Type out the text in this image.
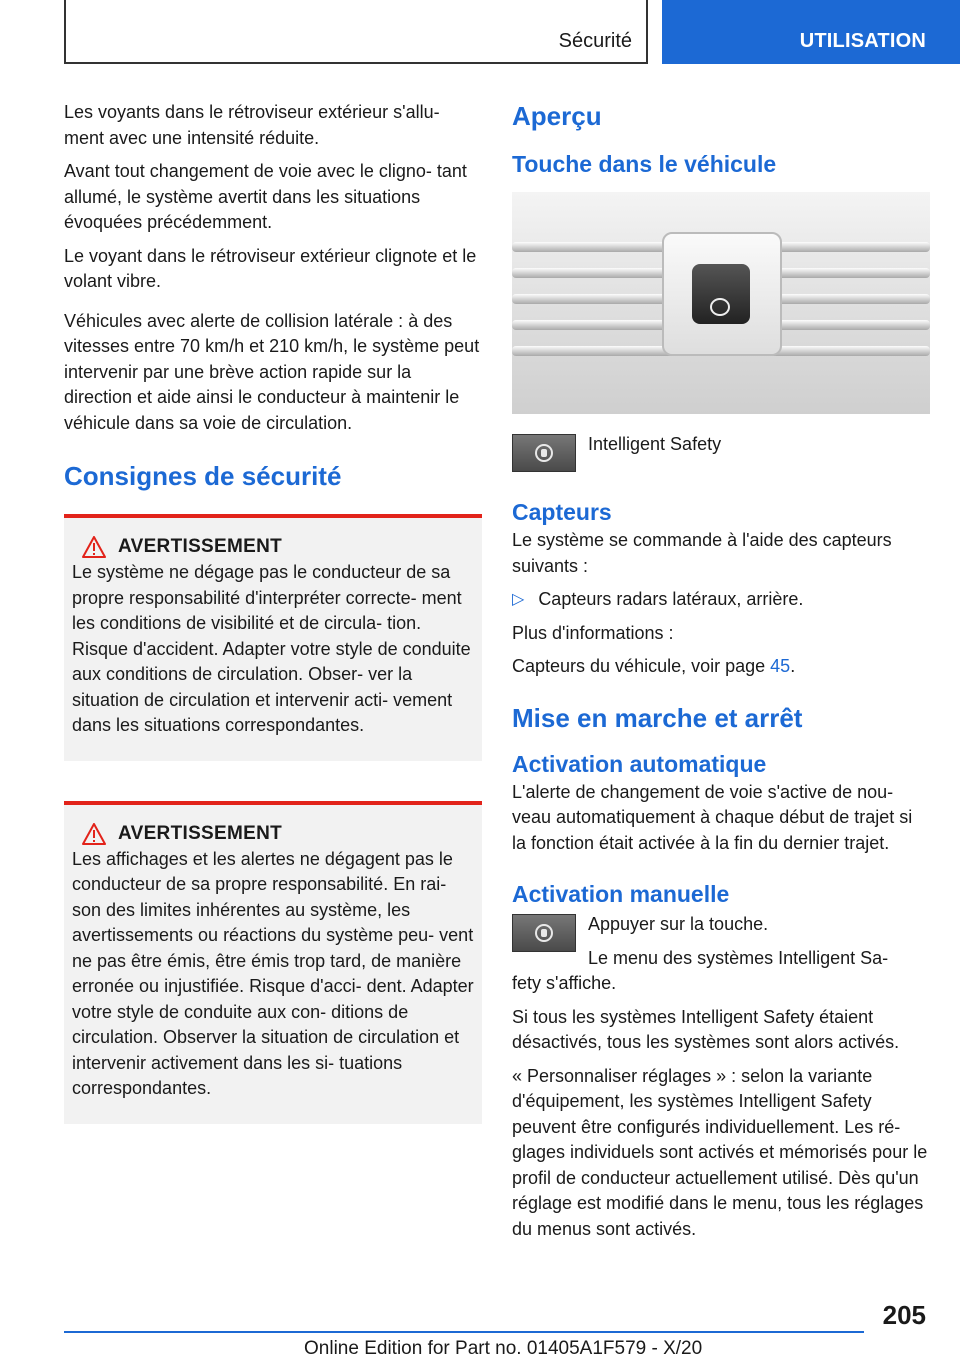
Sécurité	UTILISATION

Les voyants dans le rétroviseur extérieur s'allu- ment avec une intensité réduite.

Avant tout changement de voie avec le cligno- tant allumé, le système avertit dans les situations évoquées précédemment.

Le voyant dans le rétroviseur extérieur clignote et le volant vibre.

Véhicules avec alerte de collision latérale : à des vitesses entre 70 km/h et 210 km/h, le système peut intervenir par une brève action rapide sur la direction et aide ainsi le conducteur à maintenir le véhicule dans sa voie de circulation.

Consignes de sécurité
AVERTISSEMENT

Le système ne dégage pas le conducteur de sa propre responsabilité d'interpréter correcte- ment les conditions de visibilité et de circula- tion. Risque d'accident. Adapter votre style de conduite aux conditions de circulation. Obser- ver la situation de circulation et intervenir acti- vement dans les situations correspondantes.

AVERTISSEMENT

Les affichages et les alertes ne dégagent pas le conducteur de sa propre responsabilité. En rai- son des limites inhérentes au système, les avertissements ou réactions du système peu- vent ne pas être émis, être émis trop tard, de manière erronée ou injustifiée. Risque d'acci- dent. Adapter votre style de conduite aux con- ditions de circulation. Observer la situation de circulation et intervenir activement dans les si- tuations correspondantes.

Aperçu
Touche dans le véhicule

Intelligent Safety

Capteurs

Le système se commande à l'aide des capteurs suivants :

▷ Capteurs radars latéraux, arrière.

Plus d'informations :

Capteurs du véhicule, voir page 45.

Mise en marche et arrêt
Activation automatique

L'alerte de changement de voie s'active de nou- veau automatiquement à chaque début de trajet si la fonction était activée à la fin du dernier trajet.

Activation manuelle

Appuyer sur la touche.

Le menu des systèmes Intelligent Sa-

fety s'affiche.

Si tous les systèmes Intelligent Safety étaient désactivés, tous les systèmes sont alors activés.

« Personnaliser réglages » : selon la variante d'équipement, les systèmes Intelligent Safety peuvent être configurés individuellement. Les ré- glages individuels sont activés et mémorisés pour le profil de conducteur actuellement utilisé. Dès qu'un réglage est modifié dans le menu, tous les réglages du menus sont activés.

205
Online Edition for Part no. 01405A1F579 - X/20
